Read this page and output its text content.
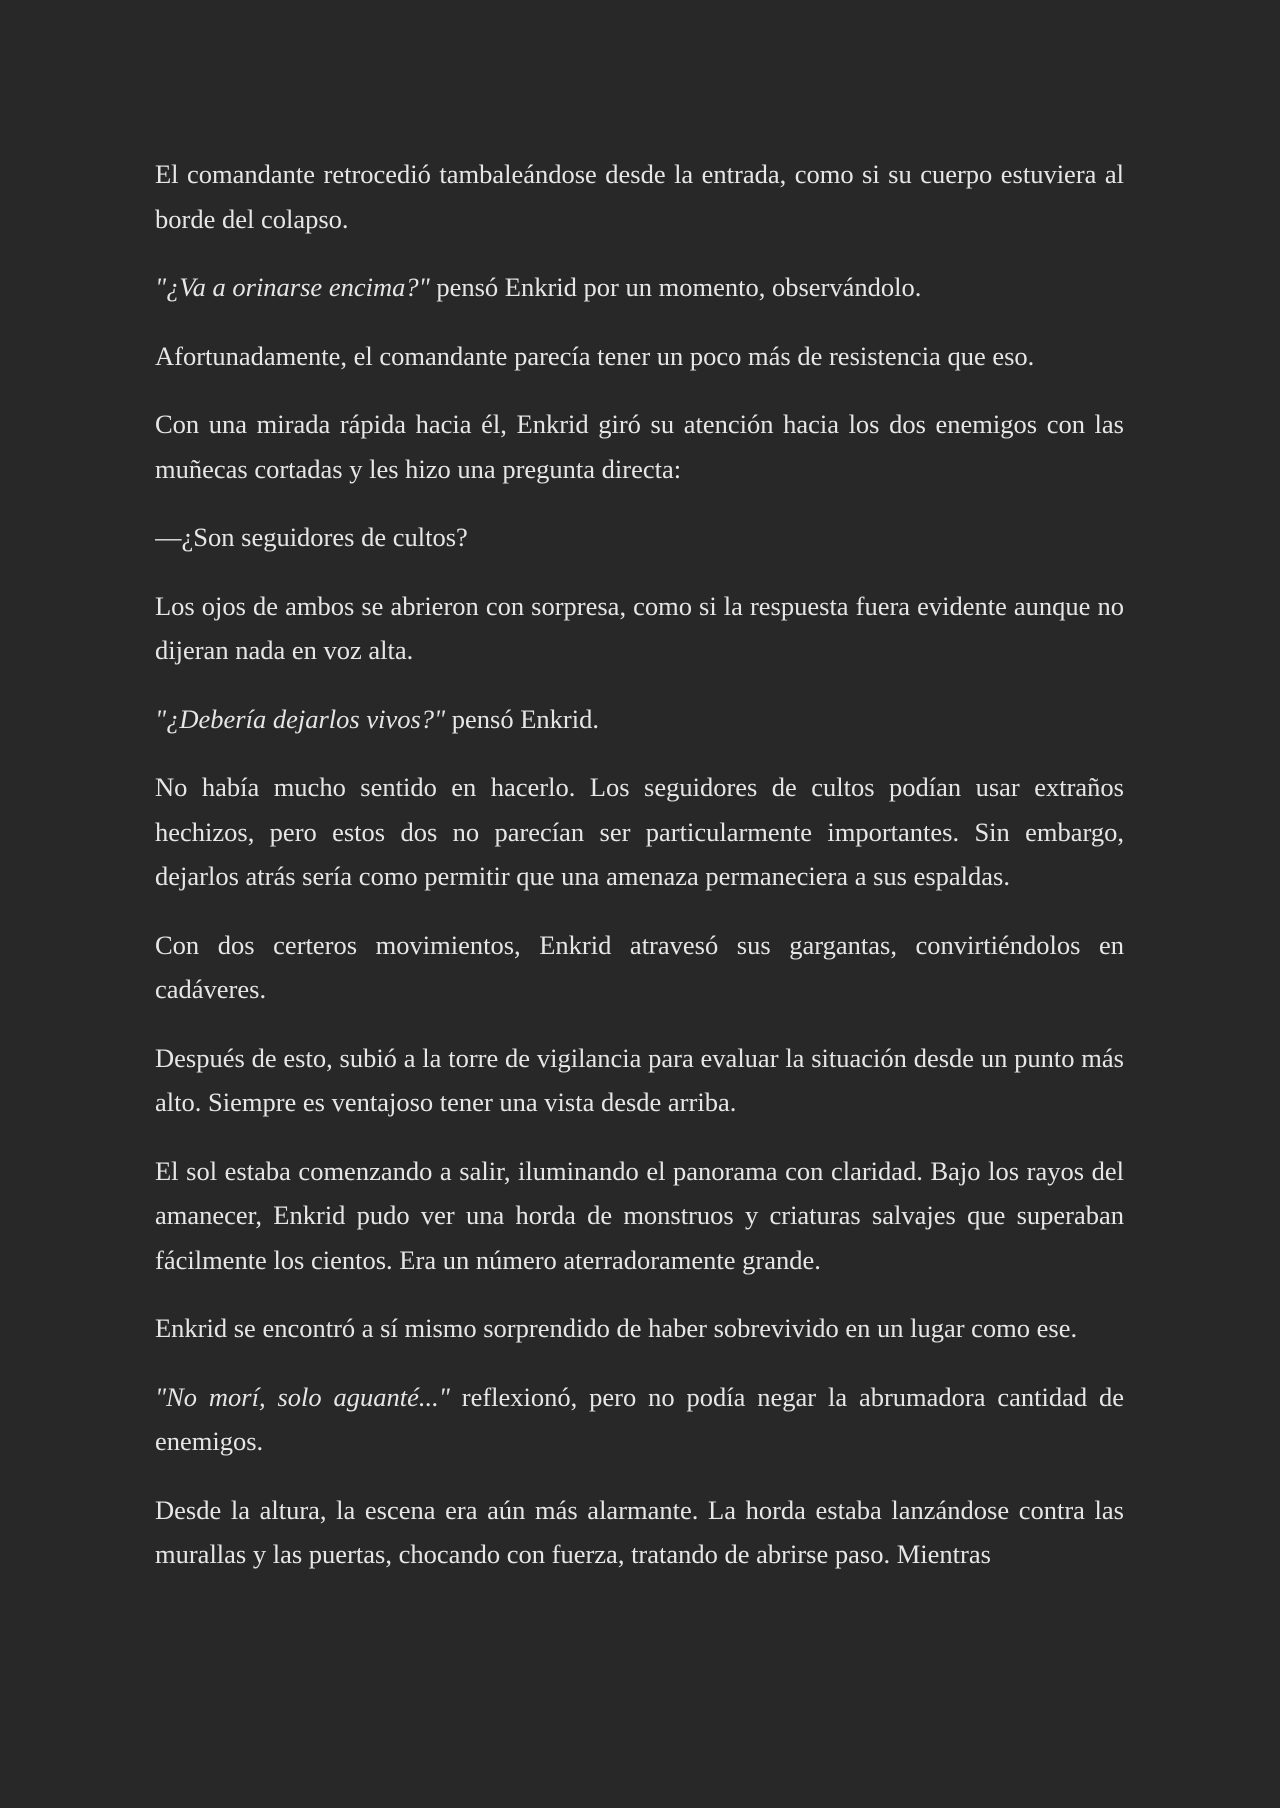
El comandante retrocedió tambaleándose desde la entrada, como si su cuerpo estuviera al borde del colapso.

"¿Va a orinarse encima?" pensó Enkrid por un momento, observándolo.

Afortunadamente, el comandante parecía tener un poco más de resistencia que eso.

Con una mirada rápida hacia él, Enkrid giró su atención hacia los dos enemigos con las muñecas cortadas y les hizo una pregunta directa:

—¿Son seguidores de cultos?

Los ojos de ambos se abrieron con sorpresa, como si la respuesta fuera evidente aunque no dijeran nada en voz alta.

"¿Debería dejarlos vivos?" pensó Enkrid.

No había mucho sentido en hacerlo. Los seguidores de cultos podían usar extraños hechizos, pero estos dos no parecían ser particularmente importantes. Sin embargo, dejarlos atrás sería como permitir que una amenaza permaneciera a sus espaldas.

Con dos certeros movimientos, Enkrid atravesó sus gargantas, convirtiéndolos en cadáveres.

Después de esto, subió a la torre de vigilancia para evaluar la situación desde un punto más alto. Siempre es ventajoso tener una vista desde arriba.

El sol estaba comenzando a salir, iluminando el panorama con claridad. Bajo los rayos del amanecer, Enkrid pudo ver una horda de monstruos y criaturas salvajes que superaban fácilmente los cientos. Era un número aterradoramente grande.

Enkrid se encontró a sí mismo sorprendido de haber sobrevivido en un lugar como ese.

"No morí, solo aguanté..." reflexionó, pero no podía negar la abrumadora cantidad de enemigos.

Desde la altura, la escena era aún más alarmante. La horda estaba lanzándose contra las murallas y las puertas, chocando con fuerza, tratando de abrirse paso. Mientras
